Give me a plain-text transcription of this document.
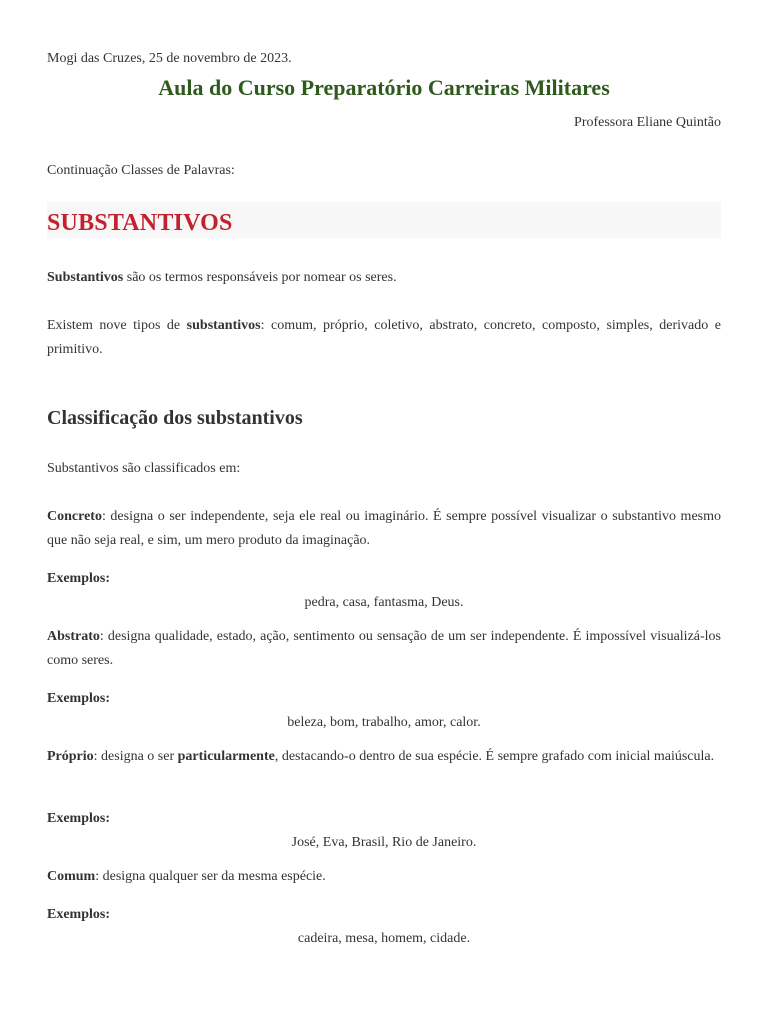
Mogi das Cruzes, 25 de novembro de 2023.
Aula do Curso Preparatório Carreiras Militares
Professora Eliane Quintão
Continuação Classes de Palavras:
SUBSTANTIVOS
Substantivos são os termos responsáveis por nomear os seres.
Existem nove tipos de substantivos: comum, próprio, coletivo, abstrato, concreto, composto, simples, derivado e primitivo.
Classificação dos substantivos
Substantivos são classificados em:
Concreto: designa o ser independente, seja ele real ou imaginário. É sempre possível visualizar o substantivo mesmo que não seja real, e sim, um mero produto da imaginação.
Exemplos:
pedra, casa, fantasma, Deus.
Abstrato: designa qualidade, estado, ação, sentimento ou sensação de um ser independente. É impossível visualizá-los como seres.
Exemplos:
beleza, bom, trabalho, amor, calor.
Próprio: designa o ser particularmente, destacando-o dentro de sua espécie. É sempre grafado com inicial maiúscula.
Exemplos:
José, Eva, Brasil, Rio de Janeiro.
Comum: designa qualquer ser da mesma espécie.
Exemplos:
cadeira, mesa, homem, cidade.
